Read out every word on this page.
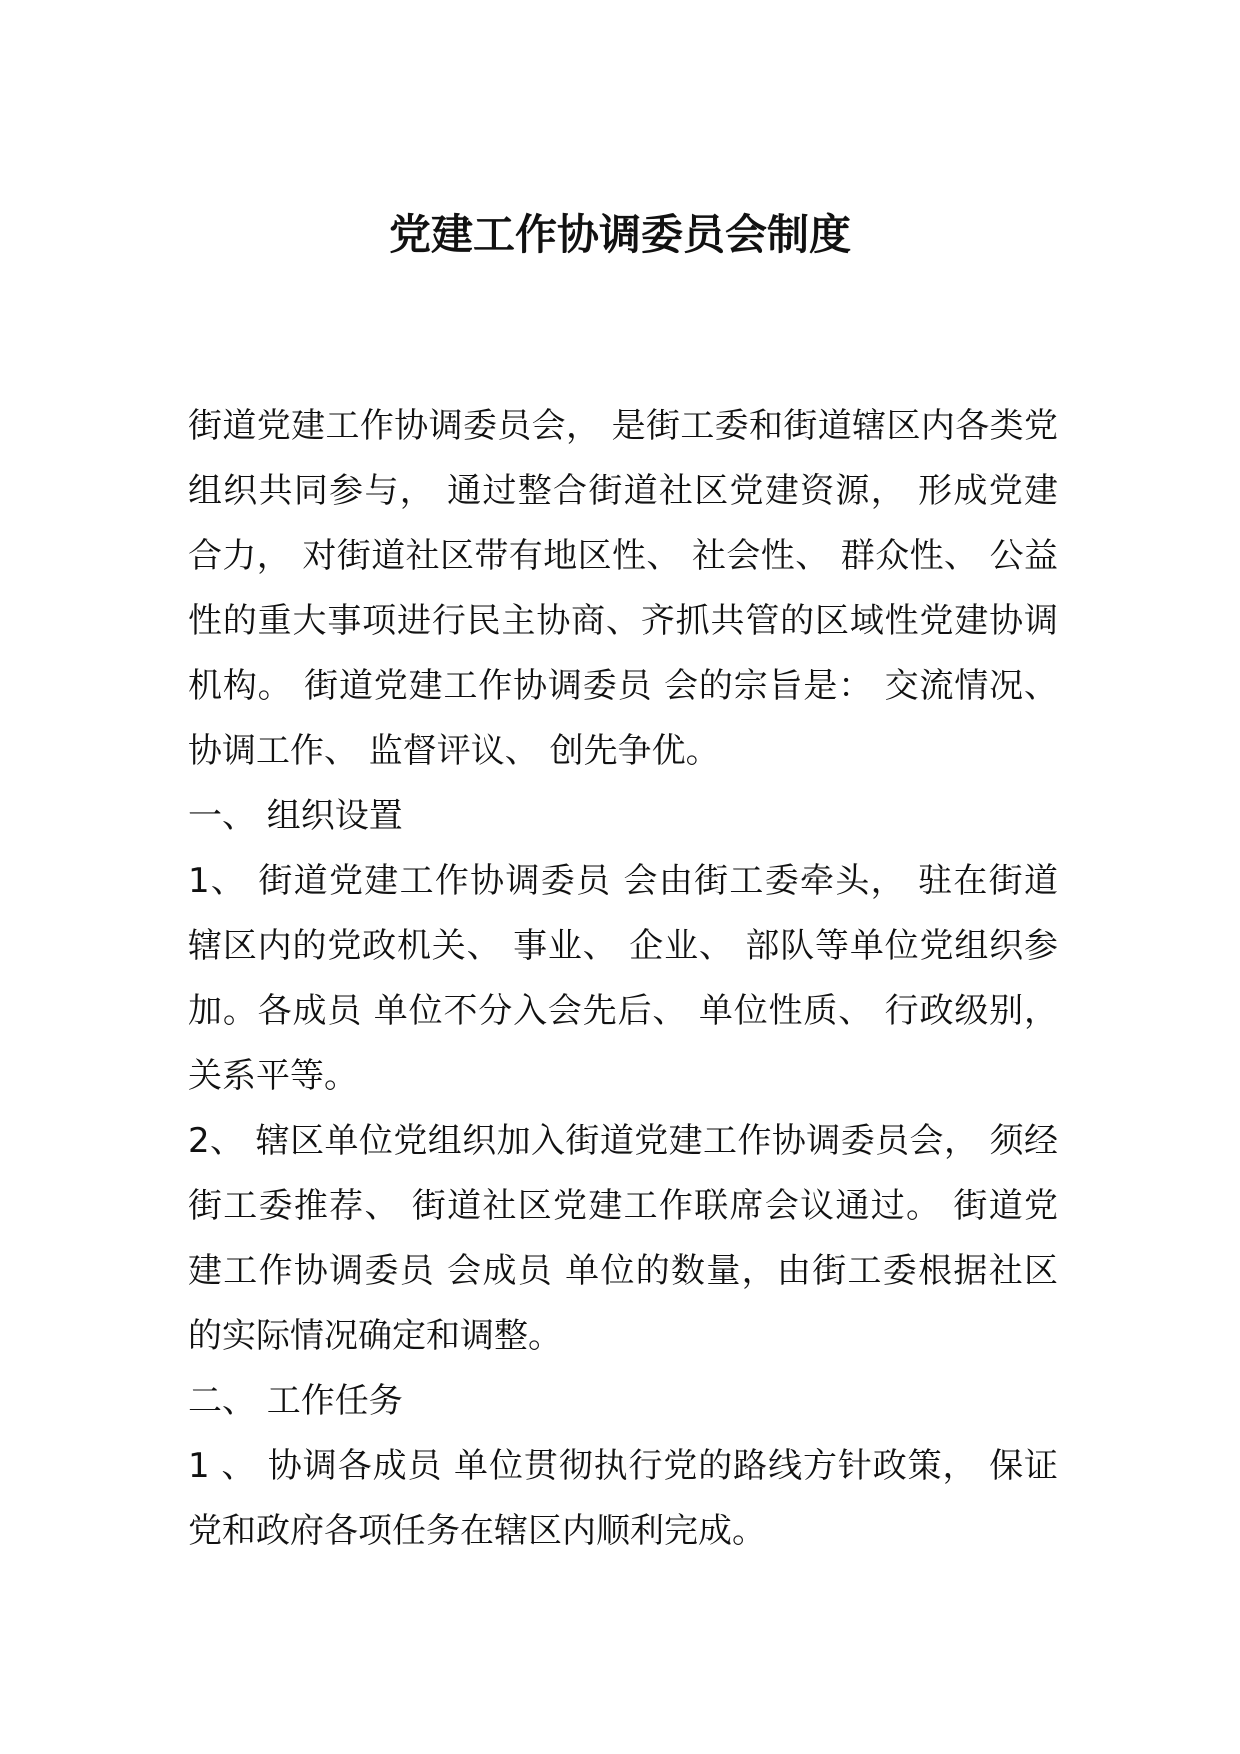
党建工作协调委员会制度

街道党建工作协调委员会， 是街工委和街道辖区内各类党组织共同参与， 通过整合街道社区党建资源， 形成党建合力， 对街道社区带有地区性、 社会性、 群众性、 公益性的重大事项进行民主协商、齐抓共管的区域性党建协调机构。 街道党建工作协调委员 会的宗旨是： 交流情况、 协调工作、 监督评议、 创先争优。

一、 组织设置

1、 街道党建工作协调委员 会由街工委牵头， 驻在街道辖区内的党政机关、 事业、 企业、 部队等单位党组织参加。各成员 单位不分入会先后、 单位性质、 行政级别， 关系平等。

2、 辖区单位党组织加入街道党建工作协调委员会， 须经街工委推荐、 街道社区党建工作联席会议通过。 街道党建工作协调委员 会成员 单位的数量，由街工委根据社区的实际情况确定和调整。

二、 工作任务

1 、 协调各成员 单位贯彻执行党的路线方针政策， 保证党和政府各项任务在辖区内顺利完成。
